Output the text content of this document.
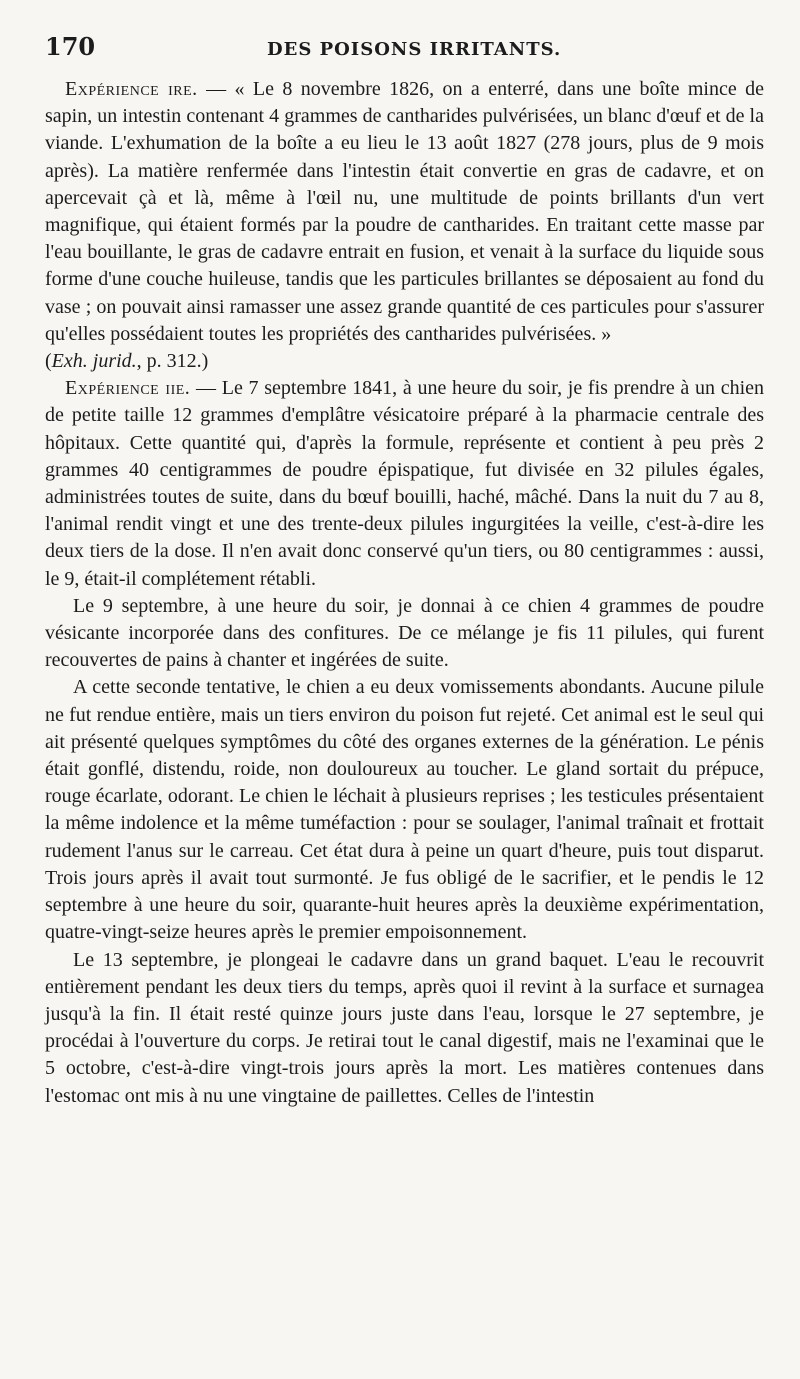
170	DES POISONS IRRITANTS.

Expérience ire. — « Le 8 novembre 1826, on a enterré, dans une boîte mince de sapin, un intestin contenant 4 grammes de cantharides pulvérisées, un blanc d'œuf et de la viande. L'exhumation de la boîte a eu lieu le 13 août 1827 (278 jours, plus de 9 mois après). La matière renfermée dans l'intestin était convertie en gras de cadavre, et on apercevait çà et là, même à l'œil nu, une multitude de points brillants d'un vert magnifique, qui étaient formés par la poudre de cantharides. En traitant cette masse par l'eau bouillante, le gras de cadavre entrait en fusion, et venait à la surface du liquide sous forme d'une couche huileuse, tandis que les particules brillantes se déposaient au fond du vase ; on pouvait ainsi ramasser une assez grande quantité de ces particules pour s'assurer qu'elles possédaient toutes les propriétés des cantharides pulvérisées. »
(Exh. jurid., p. 312.)

Expérience iie. — Le 7 septembre 1841, à une heure du soir, je fis prendre à un chien de petite taille 12 grammes d'emplâtre vésicatoire préparé à la pharmacie centrale des hôpitaux. Cette quantité qui, d'après la formule, représente et contient à peu près 2 grammes 40 centigrammes de poudre épispatique, fut divisée en 32 pilules égales, administrées toutes de suite, dans du bœuf bouilli, haché, mâché. Dans la nuit du 7 au 8, l'animal rendit vingt et une des trente-deux pilules ingurgitées la veille, c'est-à-dire les deux tiers de la dose. Il n'en avait donc conservé qu'un tiers, ou 80 centigrammes : aussi, le 9, était-il complétement rétabli.

Le 9 septembre, à une heure du soir, je donnai à ce chien 4 grammes de poudre vésicante incorporée dans des confitures. De ce mélange je fis 11 pilules, qui furent recouvertes de pains à chanter et ingérées de suite.

A cette seconde tentative, le chien a eu deux vomissements abondants. Aucune pilule ne fut rendue entière, mais un tiers environ du poison fut rejeté. Cet animal est le seul qui ait présenté quelques symptômes du côté des organes externes de la génération. Le pénis était gonflé, distendu, roide, non douloureux au toucher. Le gland sortait du prépuce, rouge écarlate, odorant. Le chien le léchait à plusieurs reprises ; les testicules présentaient la même indolence et la même tuméfaction : pour se soulager, l'animal traînait et frottait rudement l'anus sur le carreau. Cet état dura à peine un quart d'heure, puis tout disparut. Trois jours après il avait tout surmonté. Je fus obligé de le sacrifier, et le pendis le 12 septembre à une heure du soir, quarante-huit heures après la deuxième expérimentation, quatre-vingt-seize heures après le premier empoisonnement.

Le 13 septembre, je plongeai le cadavre dans un grand baquet. L'eau le recouvrit entièrement pendant les deux tiers du temps, après quoi il revint à la surface et surnagea jusqu'à la fin. Il était resté quinze jours juste dans l'eau, lorsque le 27 septembre, je procédai à l'ouverture du corps. Je retirai tout le canal digestif, mais ne l'examinai que le 5 octobre, c'est-à-dire vingt-trois jours après la mort. Les matières contenues dans l'estomac ont mis à nu une vingtaine de paillettes. Celles de l'intestin
